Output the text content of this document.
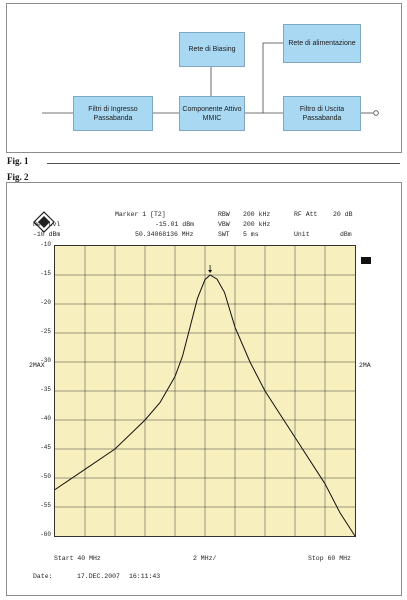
Filtri di Ingresso Passabanda
Componente Attivo MMIC
Rete di Biasing
Rete di alimentazione
Filtro di Uscita Passabanda
Fig. 1
Fig. 2
Marker 1 [T2]
-15.01 dBm
50.34068136 MHz
Ref Lvl
-10 dBm
RBW 200 kHz
VBW 200 kHz
SWT 5 ms
RF Att 20 dB
Unit	dBm
2MAX	2MA
-10
-15
-20
-25
-30
-35
-40
-45
-50
-55
-60
Start 40 MHz	2 MHz/	Stop 60 MHz
Date:	17.DEC.2007 16:11:43
